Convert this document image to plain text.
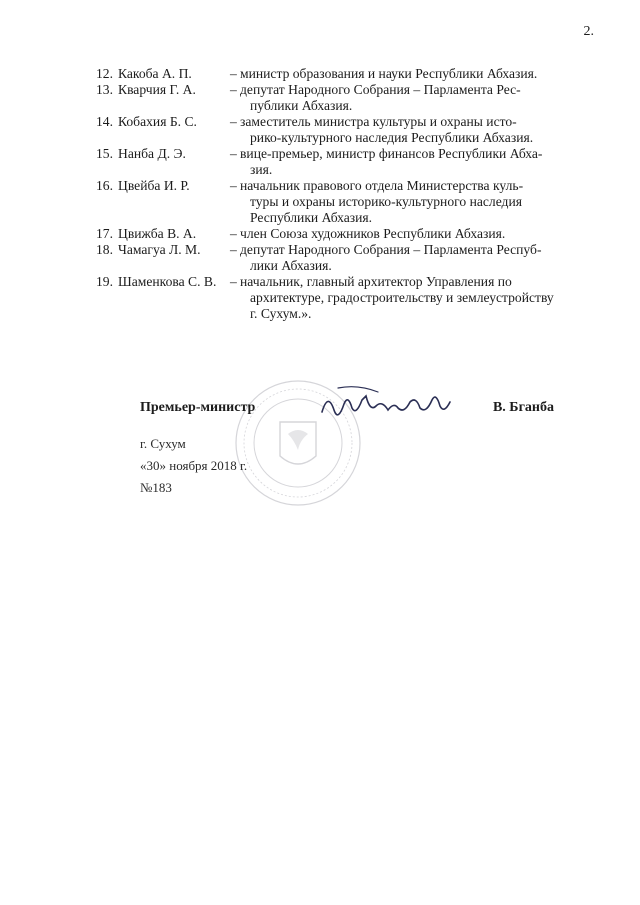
2.
12. Какоба А. П.	– министр образования и науки Республики Абхазия.
13. Кварчия Г. А.	– депутат Народного Собрания – Парламента Рес-
публики Абхазия.
14. Кобахия Б. С.	– заместитель министра культуры и охраны исто-
рико-культурного наследия Республики Абхазия.
15. Нанба Д. Э.	– вице-премьер, министр финансов Республики Абха-
зия.
16. Цвейба И. Р.	– начальник правового отдела Министерства куль-
туры и охраны историко-культурного наследия
Республики Абхазия.
17. Цвижба В. А.	– член Союза художников Республики Абхазия.
18. Чамагуа Л. М.	– депутат Народного Собрания – Парламента Респуб-
лики Абхазия.
19. Шаменкова С. В.	– начальник, главный архитектор Управления по
архитектуре, градостроительству и землеустройству
г. Сухум.».
Премьер-министр	В. Бганба
г. Сухум
«30» ноября 2018 г.
№183
